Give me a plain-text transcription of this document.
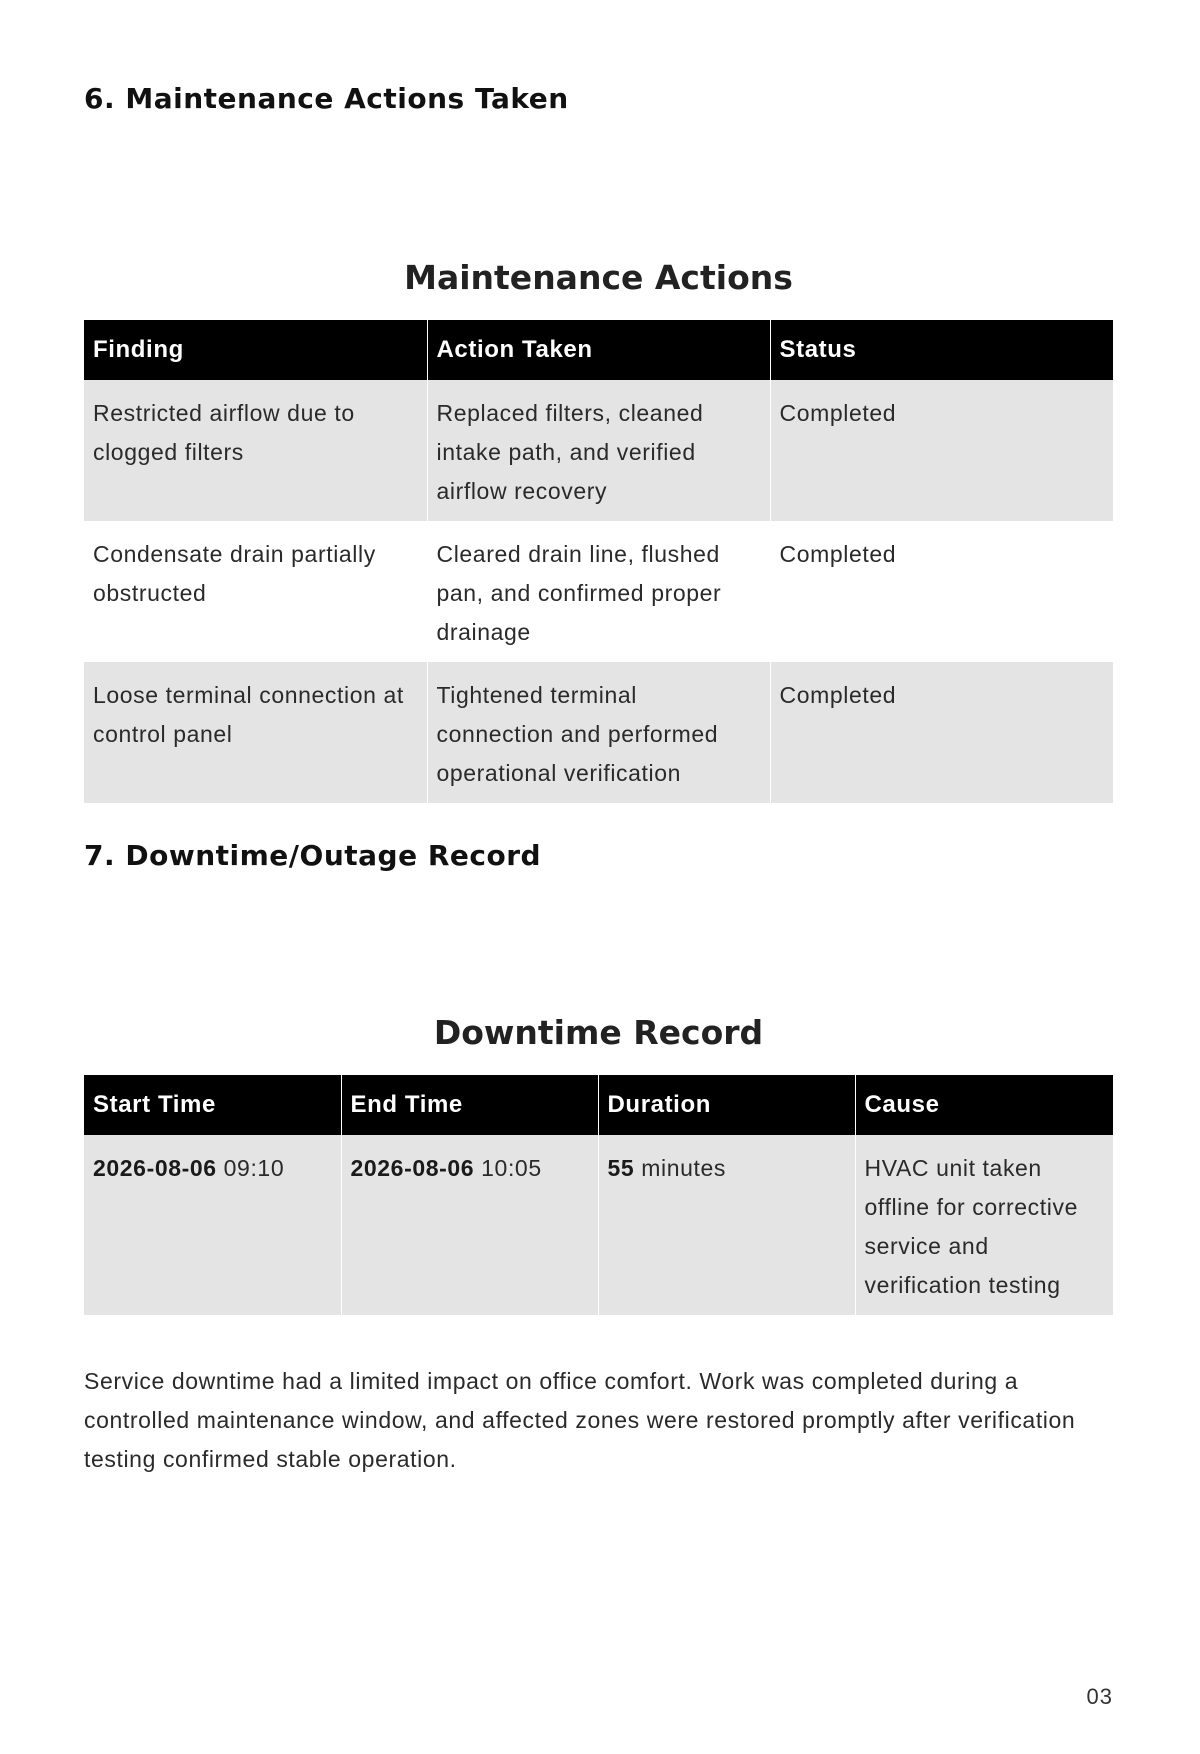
6. Maintenance Actions Taken
Maintenance Actions
Finding	Action Taken	Status
Restricted airflow due to clogged filters	Replaced filters, cleaned intake path, and verified airflow recovery	Completed
Condensate drain partially obstructed	Cleared drain line, flushed pan, and confirmed proper drainage	Completed
Loose terminal connection at control panel	Tightened terminal connection and performed operational verification	Completed
7. Downtime/Outage Record
Downtime Record
Start Time	End Time	Duration	Cause
2026-08-06 09:10	2026-08-06 10:05	55 minutes	HVAC unit taken offline for corrective service and verification testing

Service downtime had a limited impact on office comfort. Work was completed during a controlled maintenance window, and affected zones were restored promptly after verification testing confirmed stable operation.

03
